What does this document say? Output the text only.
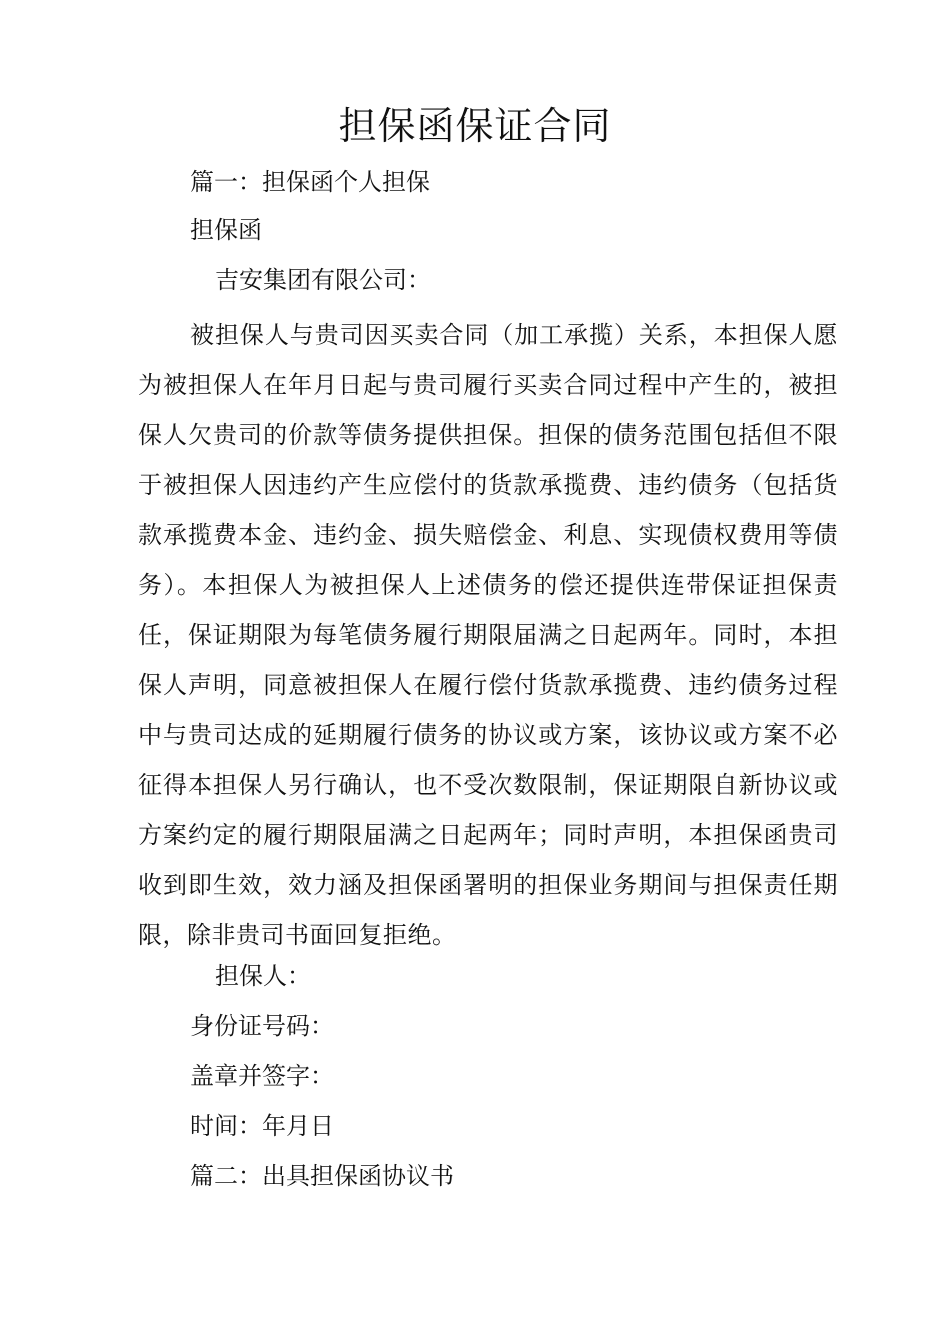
担保函保证合同
篇一：担保函个人担保
担保函
吉安集团有限公司：
被担保人与贵司因买卖合同（加工承揽）关系，本担保人愿为被担保人在年月日起与贵司履行买卖合同过程中产生的，被担保人欠贵司的价款等债务提供担保。担保的债务范围包括但不限于被担保人因违约产生应偿付的货款承揽费、违约债务（包括货款承揽费本金、违约金、损失赔偿金、利息、实现债权费用等债务）。本担保人为被担保人上述债务的偿还提供连带保证担保责任，保证期限为每笔债务履行期限届满之日起两年。同时，本担保人声明，同意被担保人在履行偿付货款承揽费、违约债务过程中与贵司达成的延期履行债务的协议或方案，该协议或方案不必征得本担保人另行确认，也不受次数限制，保证期限自新协议或方案约定的履行期限届满之日起两年；同时声明，本担保函贵司收到即生效，效力涵及担保函署明的担保业务期间与担保责任期限，除非贵司书面回复拒绝。
担保人：
身份证号码：
盖章并签字：
时间：年月日
篇二：出具担保函协议书
